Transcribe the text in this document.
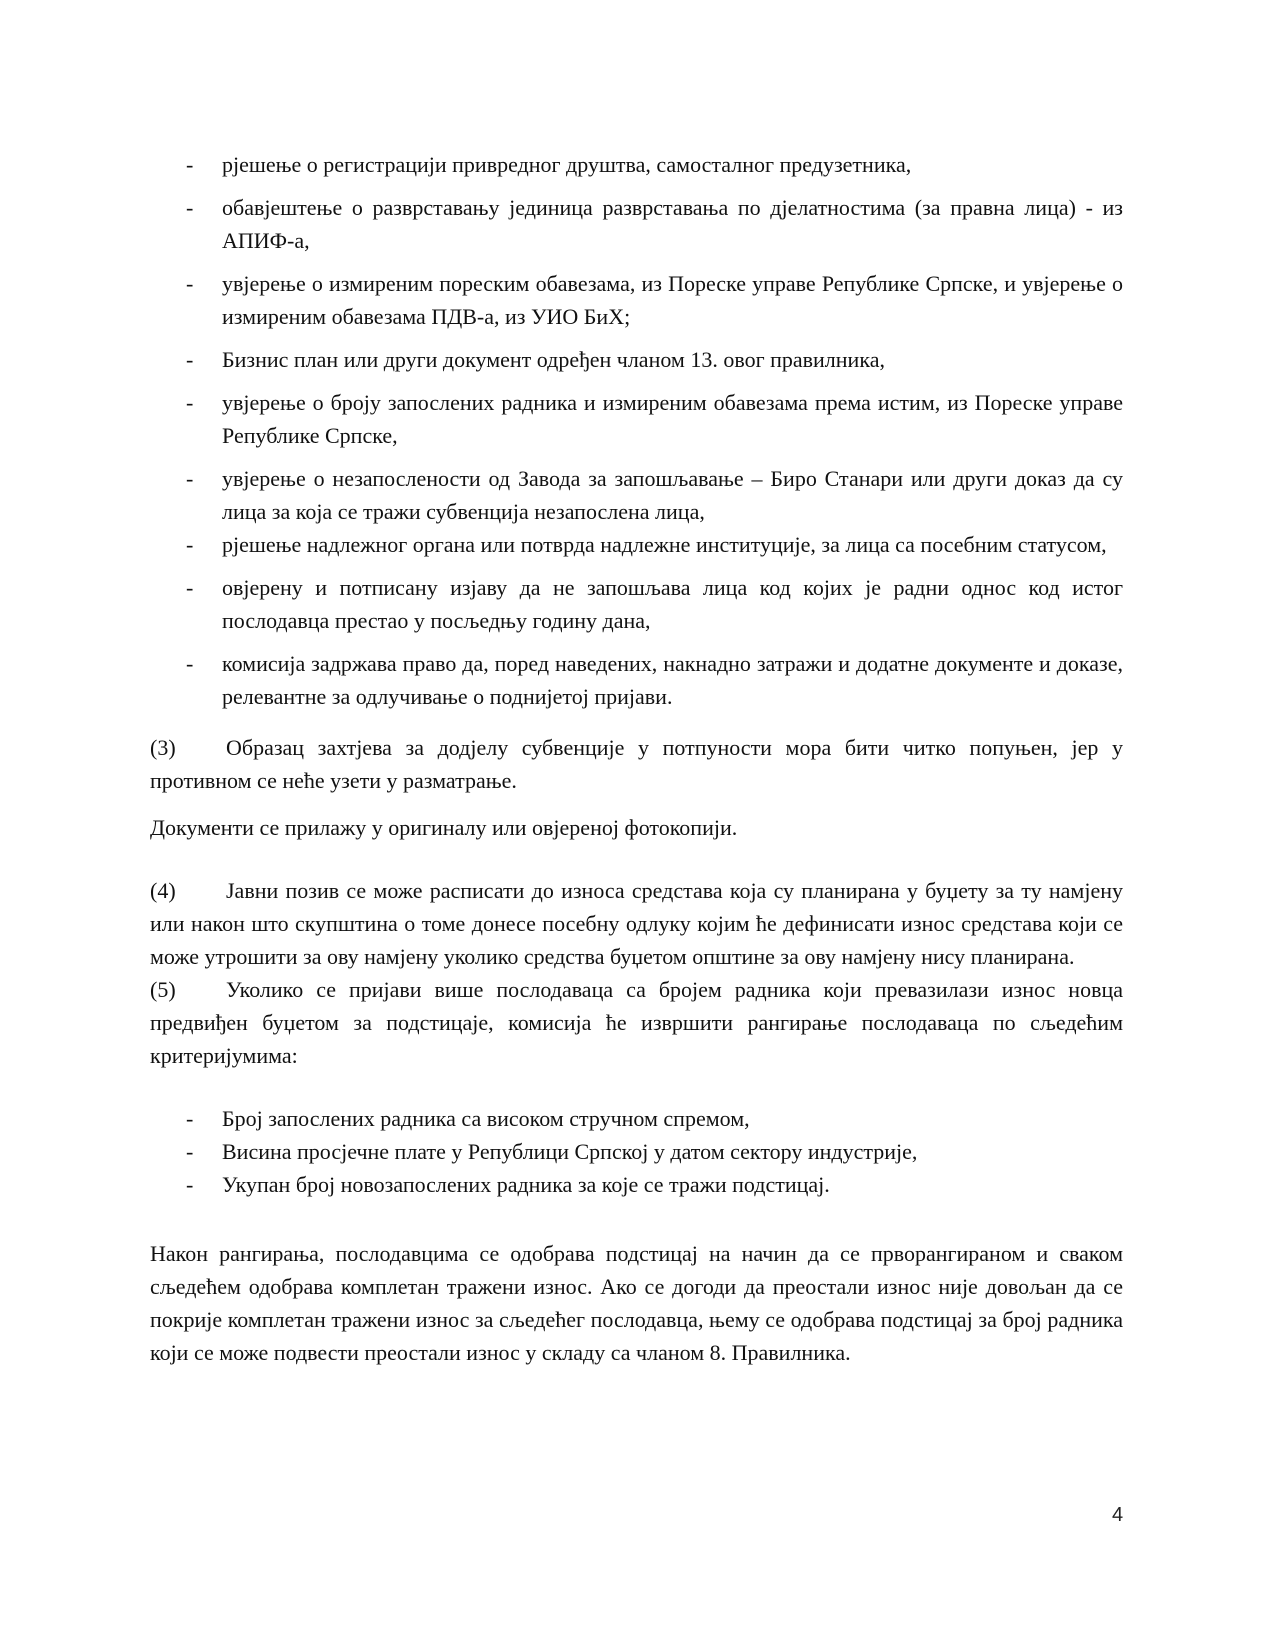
-	рјешење о регистрацији привредног друштва, самосталног предузетника,
-	обавјештење о разврставању јединица разврставања по дјелатностима (за правна лица) - из АПИФ-а,
-	увјерење о измиреним пореским обавезама, из Пореске управе Републике Српске, и увјерење о измиреним обавезама ПДВ-а, из УИО БиХ;
-	Бизнис план или други документ одређен чланом 13. овог правилника,
-	увјерење о броју запослених радника и измиреним обавезама према истим, из Пореске управе Републике Српске,
-	увјерење о незапослености од Завода за запошљавање – Биро Станари или други доказ да су лица за која се тражи субвенција незапослена лица,
-	рјешење надлежног органа или потврда надлежне институције, за лица са посебним статусом,
-	овјерену и потписану изјаву да не запошљава лица код којих је радни однос код истог послодавца престао у посљедњу годину дана,
-	комисија задржава право да, поред наведених, накнадно затражи и додатне документе и доказе, релевантне за одлучивање о поднијетој пријави.

(3) Образац захтјева за додјелу субвенције у потпуности мора бити читко попуњен, јер у противном се неће узети у разматрање.

Документи се прилажу у оригиналу или овјереној фотокопији.

(4) Јавни позив се може расписати до износа средстава која су планирана у буџету за ту намјену или након што скупштина о томе донесе посебну одлуку којим ће дефинисати износ средстава који се може утрошити за ову намјену уколико средства буџетом општине за ову намјену нису планирана.

(5) Уколико се пријави више послодаваца са бројем радника који превазилази износ новца предвиђен буџетом за подстицаје, комисија ће извршити рангирање послодаваца по сљедећим критеријумима:

-	Број запослених радника са високом стручном спремом,
-	Висина просјечне плате у Републици Српској у датом сектору индустрије,
-	Укупан број новозапослених радника за које се тражи подстицај.

Након рангирања, послодавцима се одобрава подстицај на начин да се прворангираном и сваком сљедећем одобрава комплетан тражени износ. Ако се догоди да преостали износ није довољан да се покрије комплетан тражени износ за сљедећег послодавца, њему се одобрава подстицај за број радника који се може подвести преостали износ у складу са чланом 8. Правилника.

4
